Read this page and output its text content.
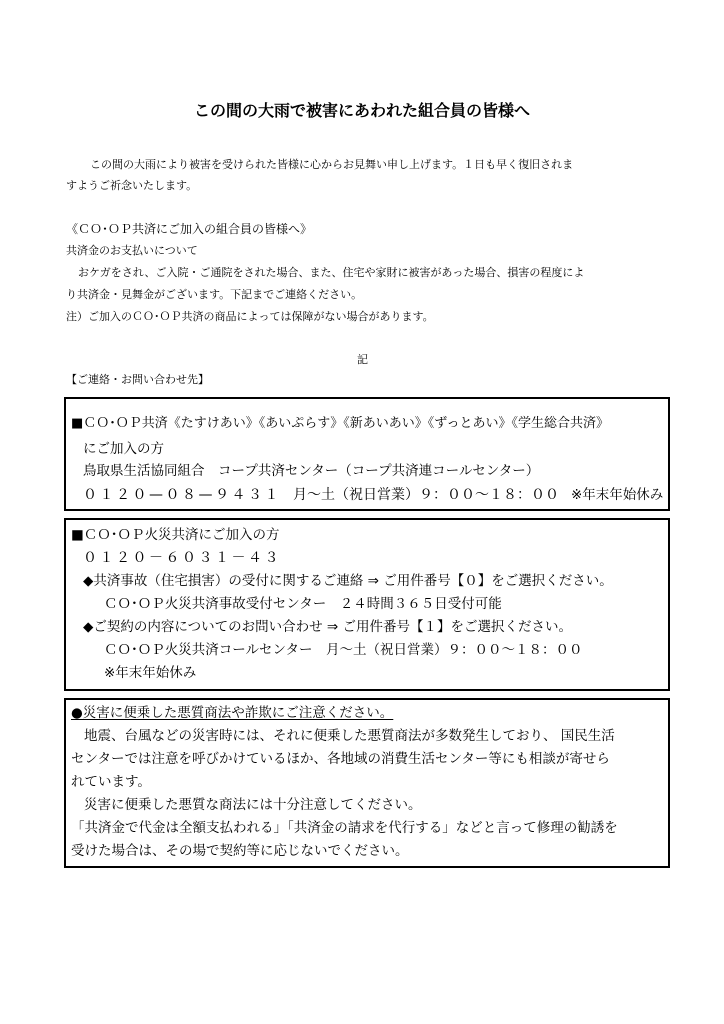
この間の大雨で被害にあわれた組合員の皆様へ
この間の大雨により被害を受けられた皆様に心からお見舞い申し上げます。１日も早く復旧されま
すようご祈念いたします。
《ＣＯ･ＯＰ共済にご加入の組合員の皆様へ》
共済金のお支払いについて
おケガをされ、ご入院・ご通院をされた場合、また、住宅や家財に被害があった場合、損害の程度によ
り共済金・見舞金がございます。下記までご連絡ください。
注）ご加入のＣＯ･ＯＰ共済の商品によっては保障がない場合があります。
記
【ご連絡・お問い合わせ先】
■ＣＯ･ＯＰ共済《たすけあい》《あいぷらす》《新あいあい》《ずっとあい》《学生総合共済》
にご加入の方
鳥取県生活協同組合　コープ共済センター（コープ共済連コールセンター）
０１２０—０８—９４３１ 月～土（祝日営業）９：００～１８：００ ※年末年始休み
■ＣＯ･ＯＰ火災共済にご加入の方
０１２０－６０３１－４３
◆共済事故（住宅損害）の受付に関するご連絡 ⇒ ご用件番号【０】をご選択ください。
ＣＯ･ＯＰ火災共済事故受付センター　２４時間３６５日受付可能
◆ご契約の内容についてのお問い合わせ ⇒ ご用件番号【１】をご選択ください。
ＣＯ･ＯＰ火災共済コールセンター　月～土（祝日営業）９：００～１８：００
※年末年始休み
●災害に便乗した悪質商法や詐欺にご注意ください。
地震、台風などの災害時には、それに便乗した悪質商法が多数発生しており、 国民生活
センターでは注意を呼びかけているほか、各地域の消費生活センター等にも相談が寄せら
れています。
災害に便乗した悪質な商法には十分注意してください。
「共済金で代金は全額支払われる」「共済金の請求を代行する」などと言って修理の勧誘を
受けた場合は、その場で契約等に応じないでください。
